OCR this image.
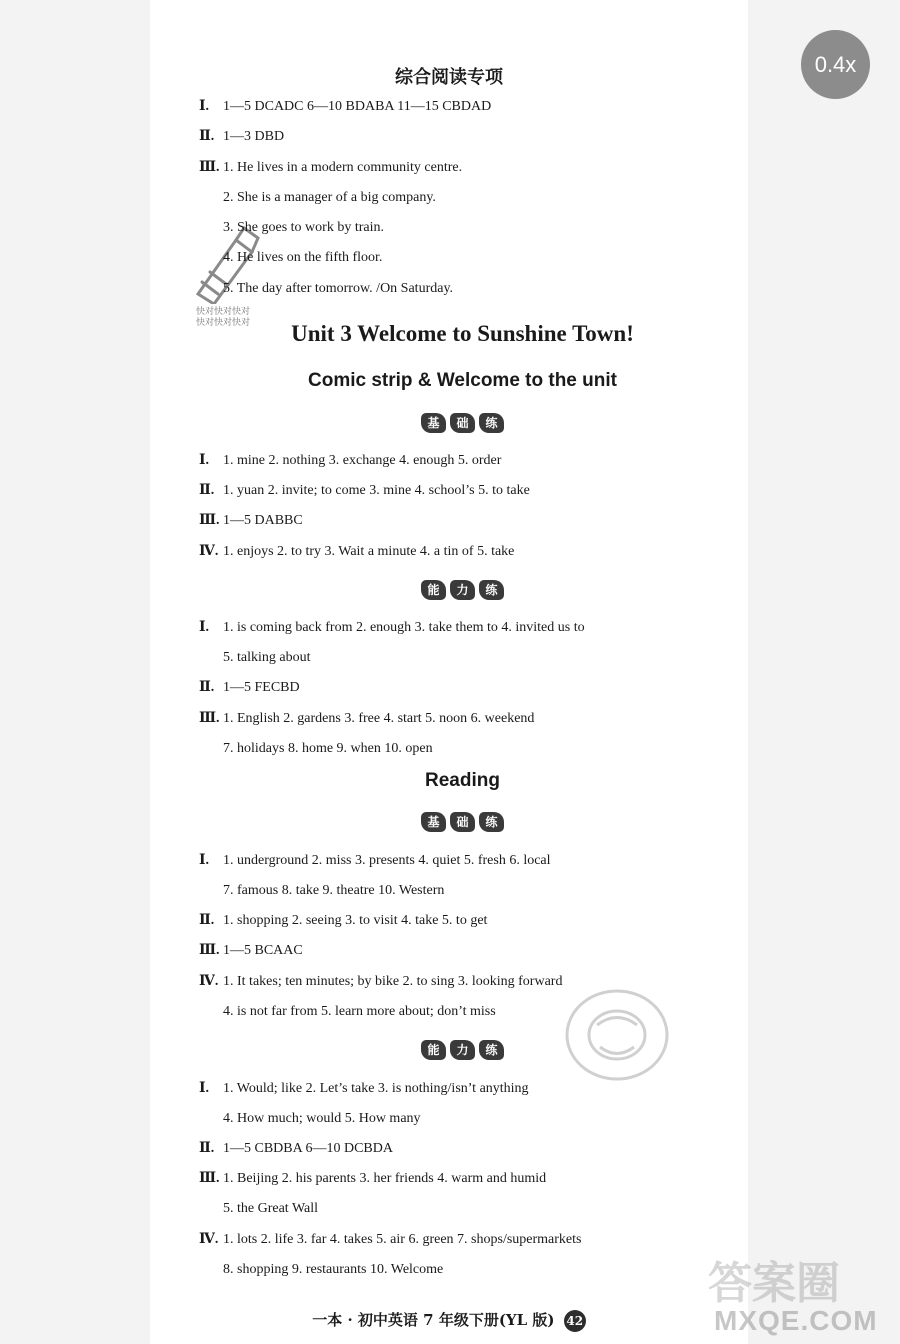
0.4x
综合阅读专项
快对快对快对
快对快对快对	Unit 3 Welcome to Sunshine Town!
Comic strip & Welcome to the unit
基	础	练
能	力	练
Reading
基	础	练
能	力	练
Ⅰ. 1—5 DCADC 6—10 BDABA 11—15 CBDAD
Ⅱ. 1—3 DBD
Ⅲ. 1. He lives in a modern community centre.
2. She is a manager of a big company.
3. She goes to work by train.
4. He lives on the fifth floor.
5. The day after tomorrow. /On Saturday.
Ⅰ. 1. mine 2. nothing 3. exchange 4. enough 5. order
Ⅱ. 1. yuan 2. invite; to come 3. mine 4. school’s 5. to take
Ⅲ. 1—5 DABBC
Ⅳ. 1. enjoys 2. to try 3. Wait a minute 4. a tin of 5. take
Ⅰ. 1. is coming back from 2. enough 3. take them to 4. invited us to
5. talking about
Ⅱ. 1—5 FECBD
Ⅲ. 1. English 2. gardens 3. free 4. start 5. noon 6. weekend
7. holidays 8. home 9. when 10. open
Ⅰ. 1. underground 2. miss 3. presents 4. quiet 5. fresh 6. local
7. famous 8. take 9. theatre 10. Western
Ⅱ. 1. shopping 2. seeing 3. to visit 4. take 5. to get
Ⅲ. 1—5 BCAAC
Ⅳ. 1. It takes; ten minutes; by bike 2. to sing 3. looking forward
4. is not far from 5. learn more about; don’t miss
Ⅰ. 1. Would; like 2. Let’s take 3. is nothing/isn’t anything
4. How much; would 5. How many
Ⅱ. 1—5 CBDBA 6—10 DCBDA
Ⅲ. 1. Beijing 2. his parents 3. her friends 4. warm and humid
5. the Great Wall
Ⅳ. 1. lots 2. life 3. far 4. takes 5. air 6. green 7. shops/supermarkets
8. shopping 9. restaurants 10. Welcome	答案圈
MXQE.COM
一本 · 初中英语 7 年级下册(YL 版) 42
